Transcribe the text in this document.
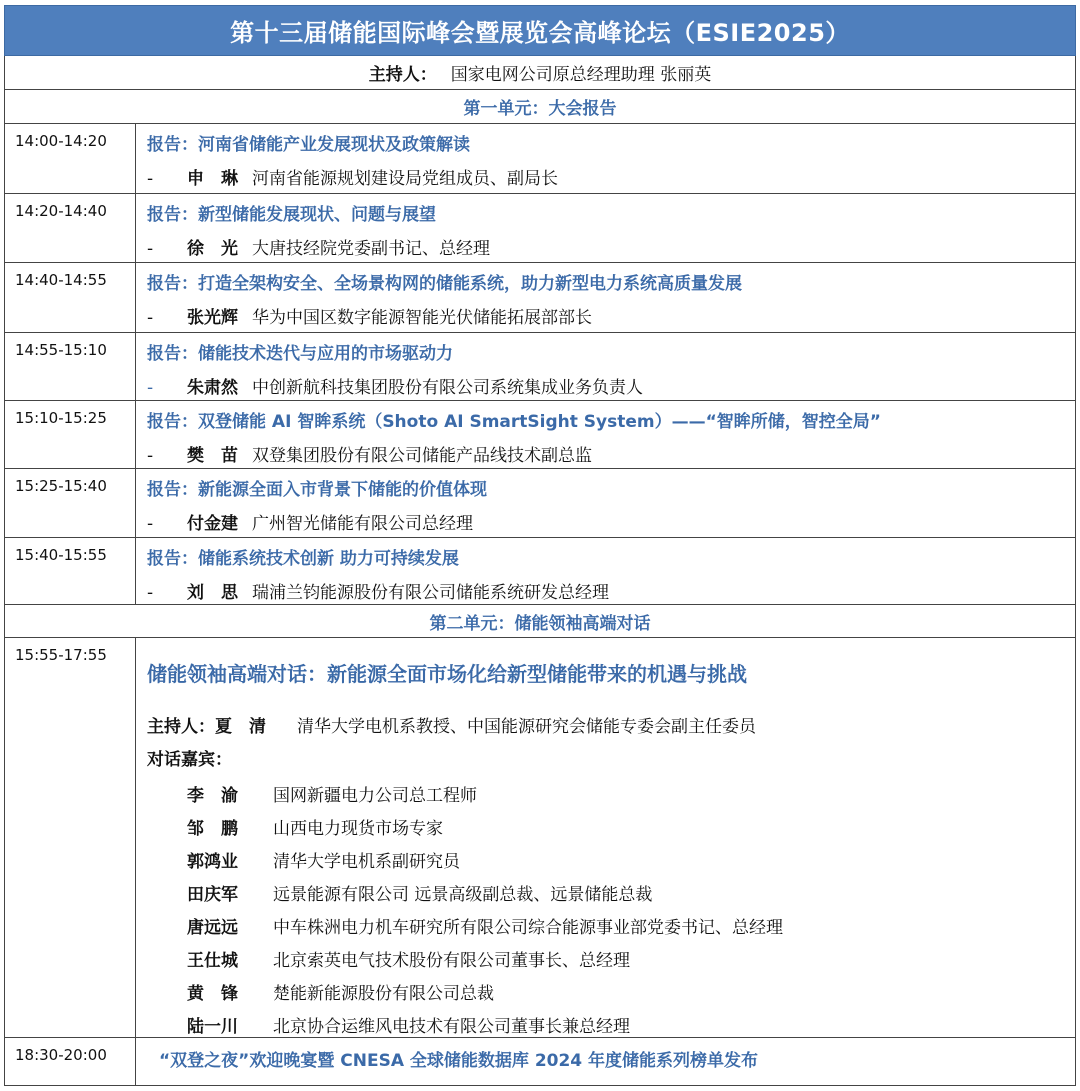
第十三届储能国际峰会暨展览会高峰论坛（ESIE2025）
主持人： 国家电网公司原总经理助理 张丽英
第一单元：大会报告
14:00-14:20	报告：河南省储能产业发展现状及政策解读
-	申　琳 河南省能源规划建设局党组成员、副局长
14:20-14:40	报告：新型储能发展现状、问题与展望
-	徐　光 大唐技经院党委副书记、总经理
14:40-14:55	报告：打造全架构安全、全场景构网的储能系统，助力新型电力系统高质量发展
-	张光辉 华为中国区数字能源智能光伏储能拓展部部长
14:55-15:10	报告：储能技术迭代与应用的市场驱动力
-	朱肃然 中创新航科技集团股份有限公司系统集成业务负责人
15:10-15:25	报告：双登储能 AI 智眸系统（Shoto AI SmartSight System）——“智眸所储，智控全局”
-	樊　苗 双登集团股份有限公司储能产品线技术副总监
15:25-15:40	报告：新能源全面入市背景下储能的价值体现
-	付金建 广州智光储能有限公司总经理
15:40-15:55	报告：储能系统技术创新 助力可持续发展
-	刘　思 瑞浦兰钧能源股份有限公司储能系统研发总经理
第二单元：储能领袖高端对话
15:55-17:55
储能领袖高端对话：新能源全面市场化给新型储能带来的机遇与挑战
主持人：夏　清 清华大学电机系教授、中国能源研究会储能专委会副主任委员
对话嘉宾：
李　渝 国网新疆电力公司总工程师
邹　鹏 山西电力现货市场专家
郭鸿业 清华大学电机系副研究员
田庆军 远景能源有限公司 远景高级副总裁、远景储能总裁
唐远远 中车株洲电力机车研究所有限公司综合能源事业部党委书记、总经理
王仕城 北京索英电气技术股份有限公司董事长、总经理
黄　锋 楚能新能源股份有限公司总裁
陆一川 北京协合运维风电技术有限公司董事长兼总经理
18:30-20:00	“双登之夜”欢迎晚宴暨 CNESA 全球储能数据库 2024 年度储能系列榜单发布
